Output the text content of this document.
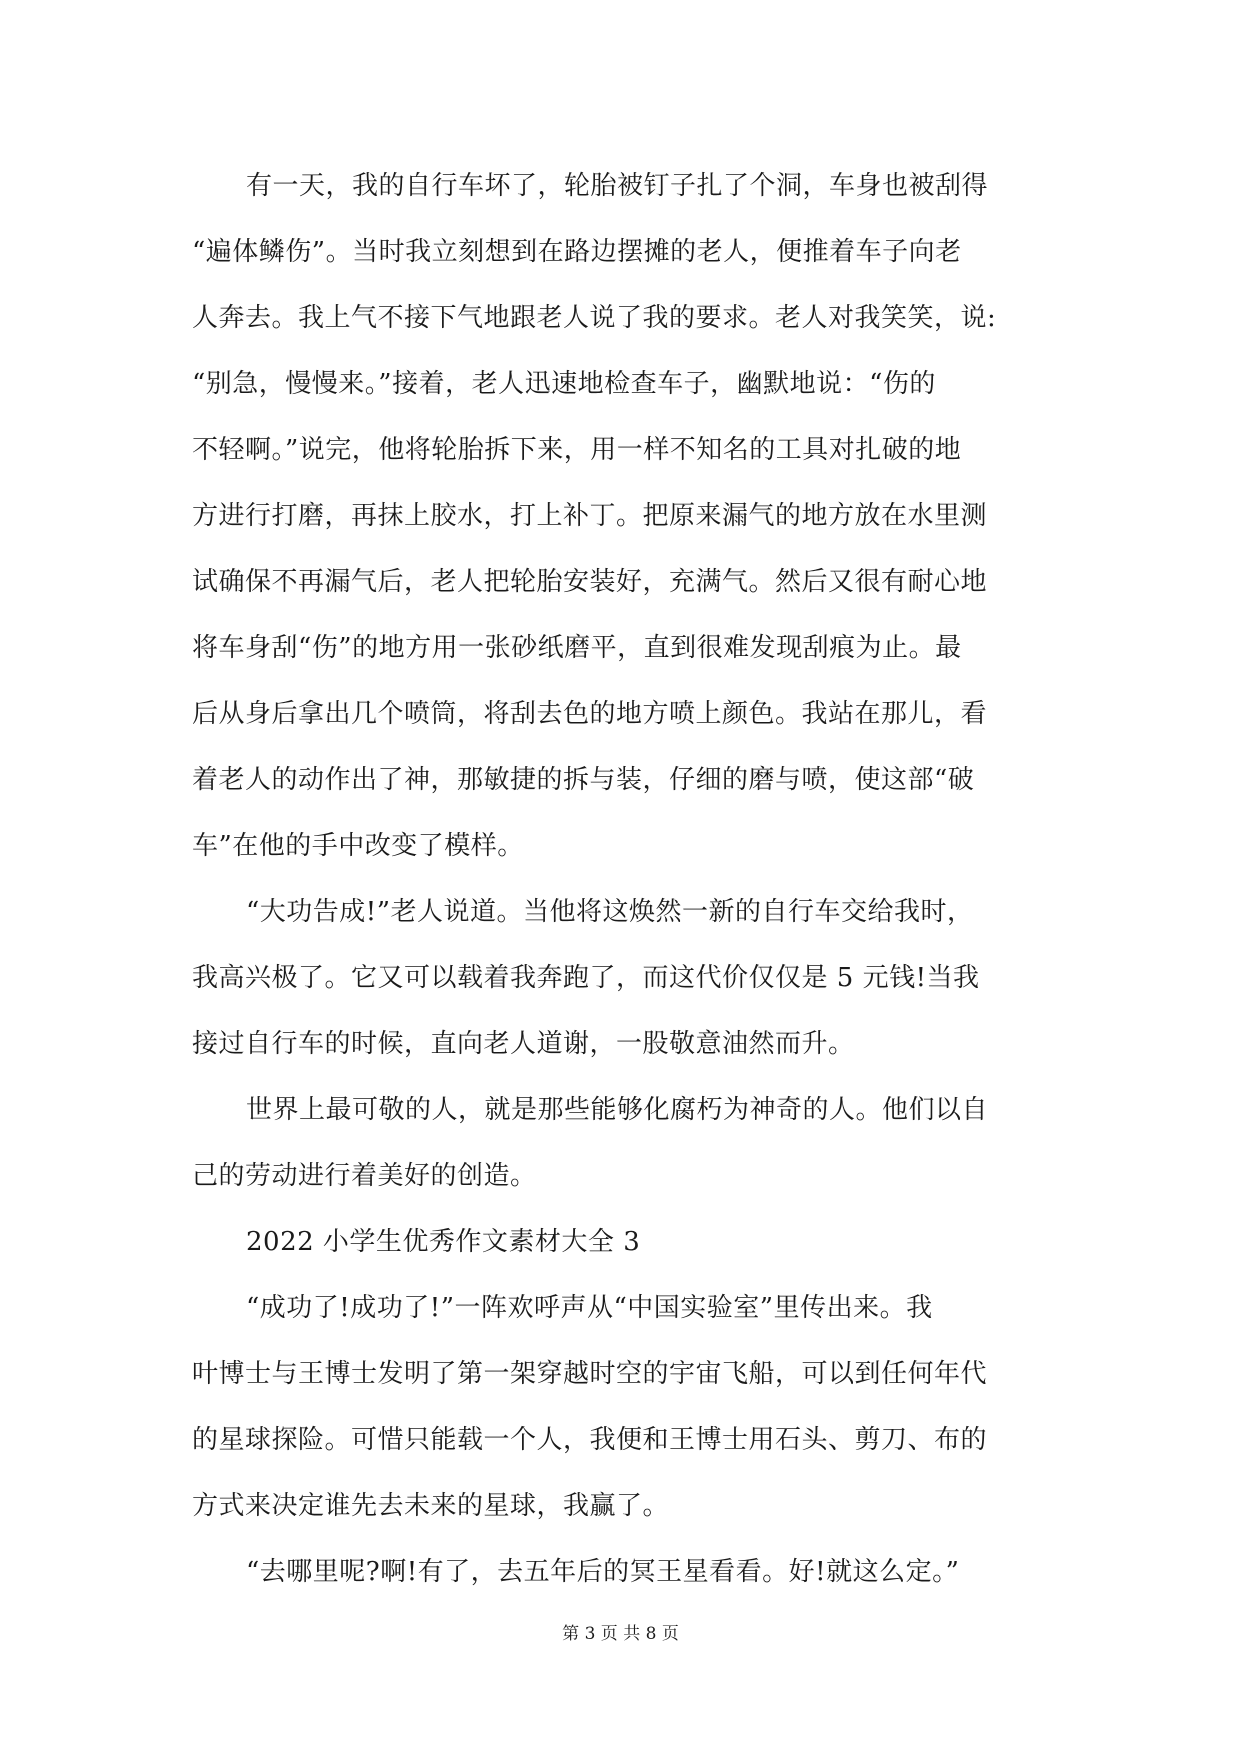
有一天，我的自行车坏了，轮胎被钉子扎了个洞，车身也被刮得
“遍体鳞伤”。当时我立刻想到在路边摆摊的老人，便推着车子向老
人奔去。我上气不接下气地跟老人说了我的要求。老人对我笑笑，说:
“别急，慢慢来。”接着，老人迅速地检查车子，幽默地说：“伤的
不轻啊。”说完，他将轮胎拆下来，用一样不知名的工具对扎破的地
方进行打磨，再抹上胶水，打上补丁。把原来漏气的地方放在水里测
试确保不再漏气后，老人把轮胎安装好，充满气。然后又很有耐心地
将车身刮“伤”的地方用一张砂纸磨平，直到很难发现刮痕为止。最
后从身后拿出几个喷筒，将刮去色的地方喷上颜色。我站在那儿，看
着老人的动作出了神，那敏捷的拆与装，仔细的磨与喷，使这部“破
车”在他的手中改变了模样。
“大功告成!”老人说道。当他将这焕然一新的自行车交给我时，
我高兴极了。它又可以载着我奔跑了，而这代价仅仅是 5 元钱!当我
接过自行车的时候，直向老人道谢，一股敬意油然而升。
世界上最可敬的人，就是那些能够化腐朽为神奇的人。他们以自
己的劳动进行着美好的创造。
2022 小学生优秀作文素材大全 3
“成功了!成功了!”一阵欢呼声从“中国实验室”里传出来。我
叶博士与王博士发明了第一架穿越时空的宇宙飞船，可以到任何年代
的星球探险。可惜只能载一个人，我便和王博士用石头、剪刀、布的
方式来决定谁先去未来的星球，我赢了。
“去哪里呢?啊!有了，去五年后的冥王星看看。好!就这么定。”
第 3 页 共 8 页
